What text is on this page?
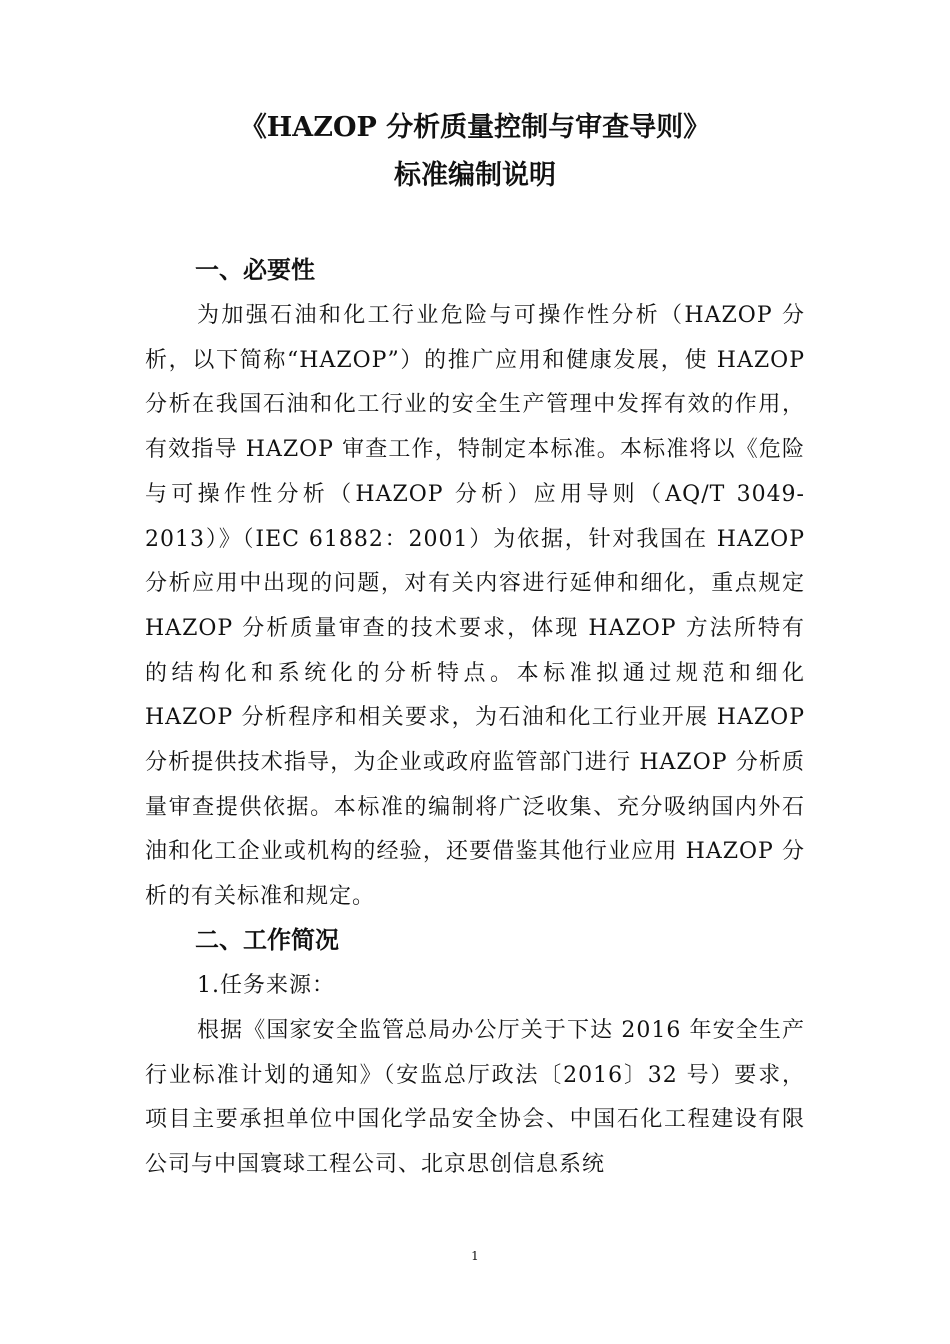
《HAZOP 分析质量控制与审查导则》
标准编制说明
一、必要性

为加强石油和化工行业危险与可操作性分析（HAZOP 分析，以下简称“HAZOP”）的推广应用和健康发展，使 HAZOP 分析在我国石油和化工行业的安全生产管理中发挥有效的作用，有效指导 HAZOP 审查工作，特制定本标准。本标准将以《危险与可操作性分析（HAZOP 分析）应用导则（AQ/T 3049-2013）》（IEC 61882：2001）为依据，针对我国在 HAZOP 分析应用中出现的问题，对有关内容进行延伸和细化，重点规定 HAZOP 分析质量审查的技术要求，体现 HAZOP 方法所特有的结构化和系统化的分析特点。本标准拟通过规范和细化 HAZOP 分析程序和相关要求，为石油和化工行业开展 HAZOP 分析提供技术指导，为企业或政府监管部门进行 HAZOP 分析质量审查提供依据。本标准的编制将广泛收集、充分吸纳国内外石油和化工企业或机构的经验，还要借鉴其他行业应用 HAZOP 分析的有关标准和规定。

二、工作简况

1.任务来源：

根据《国家安全监管总局办公厅关于下达 2016 年安全生产行业标准计划的通知》（安监总厅政法〔2016〕32 号）要求，项目主要承担单位中国化学品安全协会、中国石化工程建设有限公司与中国寰球工程公司、北京思创信息系统

1
